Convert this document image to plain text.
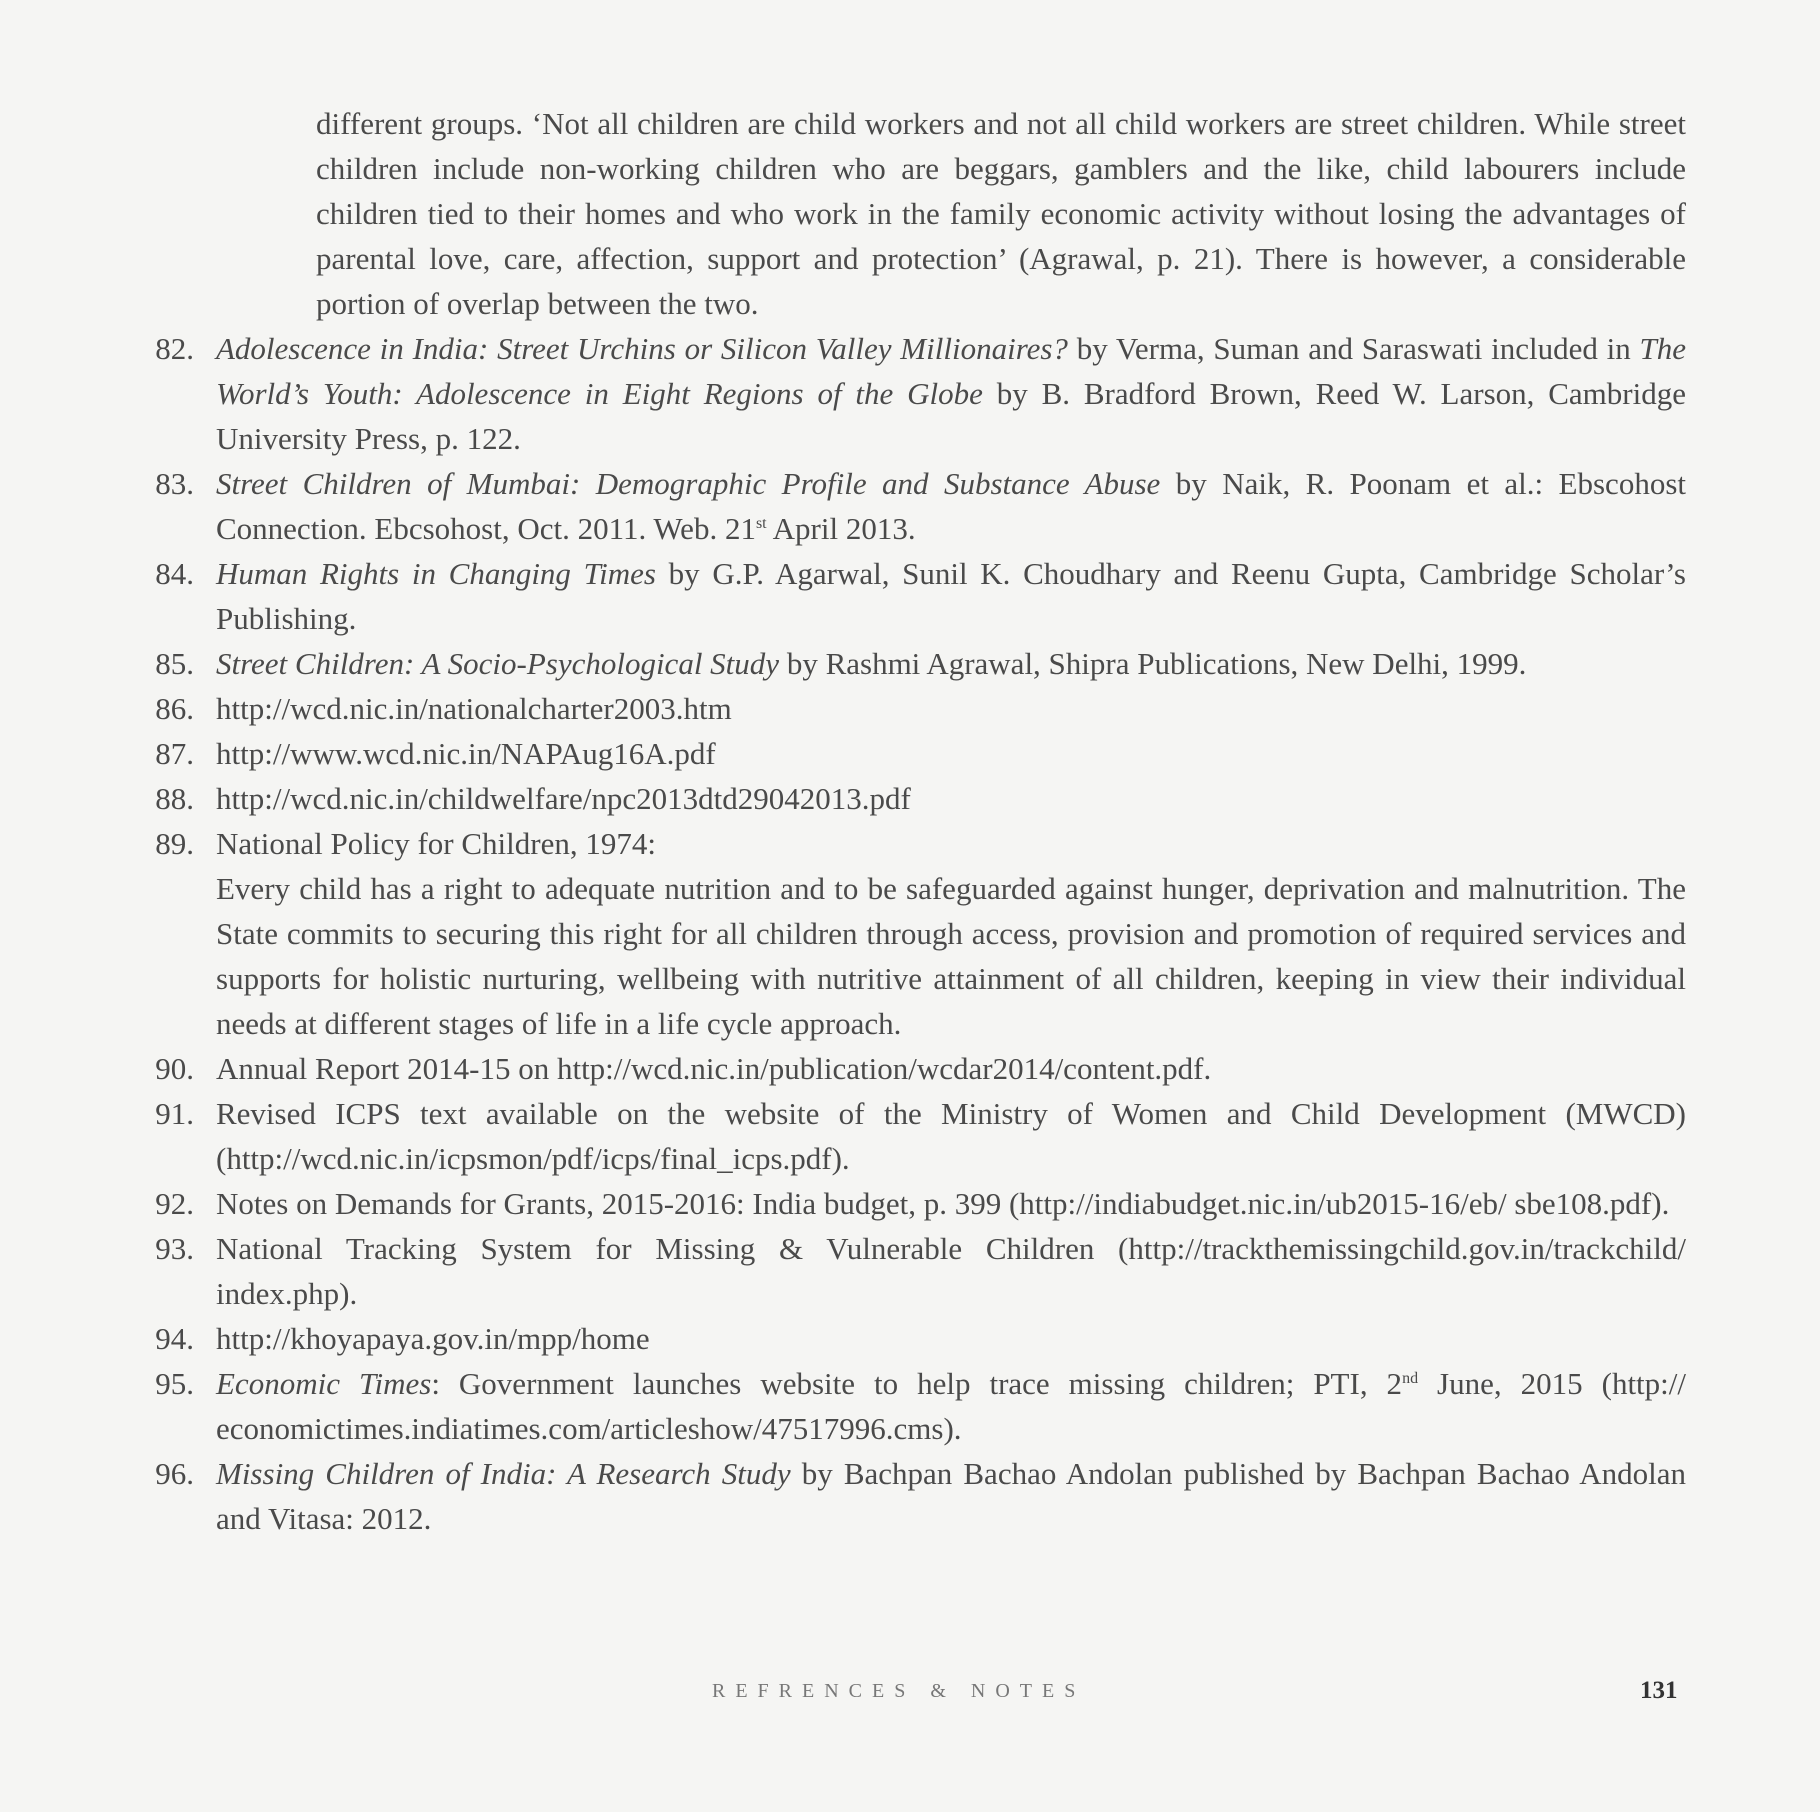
different groups. ‘Not all children are child workers and not all child workers are street children. While street children include non-working children who are beggars, gamblers and the like, child labourers include children tied to their homes and who work in the family economic activity without losing the advantages of parental love, care, affection, support and protection’ (Agrawal, p. 21). There is however, a considerable portion of overlap between the two.
82. Adolescence in India: Street Urchins or Silicon Valley Millionaires? by Verma, Suman and Saraswati included in The World’s Youth: Adolescence in Eight Regions of the Globe by B. Bradford Brown, Reed W. Larson, Cambridge University Press, p. 122.
83. Street Children of Mumbai: Demographic Profile and Substance Abuse by Naik, R. Poonam et al.: Ebscohost Connection. Ebcsohost, Oct. 2011. Web. 21st April 2013.
84. Human Rights in Changing Times by G.P. Agarwal, Sunil K. Choudhary and Reenu Gupta, Cambridge Scholar’s Publishing.
85. Street Children: A Socio-Psychological Study by Rashmi Agrawal, Shipra Publications, New Delhi, 1999.
86. http://wcd.nic.in/nationalcharter2003.htm
87. http://www.wcd.nic.in/NAPAug16A.pdf
88. http://wcd.nic.in/childwelfare/npc2013dtd29042013.pdf
89. National Policy for Children, 1974:
Every child has a right to adequate nutrition and to be safeguarded against hunger, deprivation and malnutrition. The State commits to securing this right for all children through access, provision and promotion of required services and supports for holistic nurturing, wellbeing with nutritive attainment of all children, keeping in view their individual needs at different stages of life in a life cycle approach.
90. Annual Report 2014-15 on http://wcd.nic.in/publication/wcdar2014/content.pdf.
91. Revised ICPS text available on the website of the Ministry of Women and Child Development (MWCD) (http://wcd.nic.in/icpsmon/pdf/icps/final_icps.pdf).
92. Notes on Demands for Grants, 2015-2016: India budget, p. 399 (http://indiabudget.nic.in/ub2015-16/eb/ sbe108.pdf).
93. National Tracking System for Missing & Vulnerable Children (http://trackthemissingchild.gov.in/trackchild/ index.php).
94. http://khoyapaya.gov.in/mpp/home
95. Economic Times: Government launches website to help trace missing children; PTI, 2nd June, 2015 (http:// economictimes.indiatimes.com/articleshow/47517996.cms).
96. Missing Children of India: A Research Study by Bachpan Bachao Andolan published by Bachpan Bachao Andolan and Vitasa: 2012.
REFRENCES & NOTES	131
